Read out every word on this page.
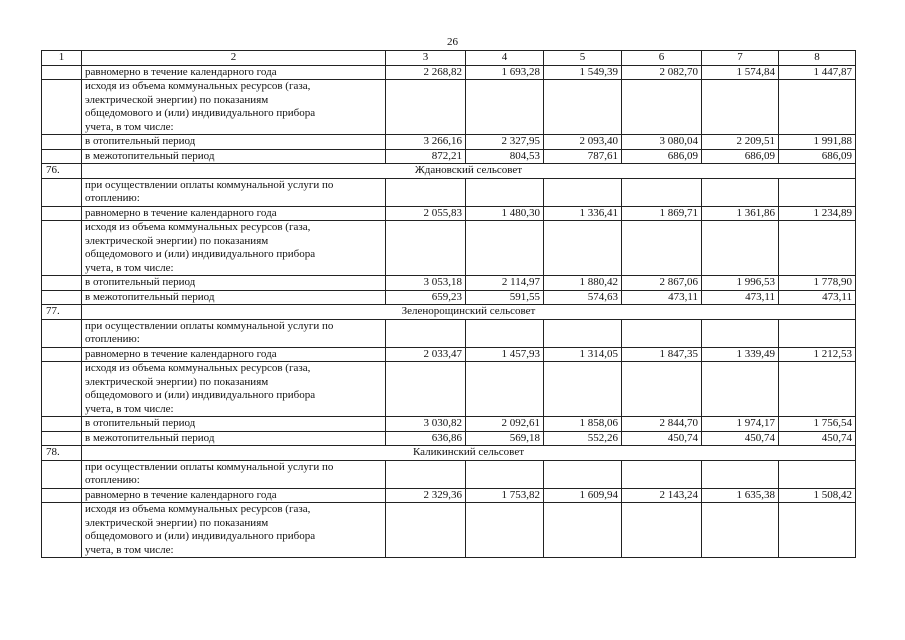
26
1	2	3	4	5	6	7	8
	равномерно в течение календарного года	2 268,82	1 693,28	1 549,39	2 082,70	1 574,84	1 447,87

	исходя из объема коммунальных ресурсов (газа,
электрической энергии) по показаниям
общедомового и (или) индивидуального прибора
учета, в том числе:						

	в отопительный период	3 266,16	2 327,95	2 093,40	3 080,04	2 209,51	1 991,88
	в межотопительный период	872,21	804,53	787,61	686,09	686,09	686,09
76.	Ждановский сельсовет						

	при осуществлении оплаты коммунальной услуги по
отоплению:						

	равномерно в течение календарного года	2 055,83	1 480,30	1 336,41	1 869,71	1 361,86	1 234,89

	исходя из объема коммунальных ресурсов (газа,
электрической энергии) по показаниям
общедомового и (или) индивидуального прибора
учета, в том числе:						

	в отопительный период	3 053,18	2 114,97	1 880,42	2 867,06	1 996,53	1 778,90
	в межотопительный период	659,23	591,55	574,63	473,11	473,11	473,11
77.	Зеленорощинский сельсовет						

	при осуществлении оплаты коммунальной услуги по
отоплению:						

	равномерно в течение календарного года	2 033,47	1 457,93	1 314,05	1 847,35	1 339,49	1 212,53

	исходя из объема коммунальных ресурсов (газа,
электрической энергии) по показаниям
общедомового и (или) индивидуального прибора
учета, в том числе:						

	в отопительный период	3 030,82	2 092,61	1 858,06	2 844,70	1 974,17	1 756,54
	в межотопительный период	636,86	569,18	552,26	450,74	450,74	450,74
78.	Каликинский сельсовет						

	при осуществлении оплаты коммунальной услуги по
отоплению:						

	равномерно в течение календарного года	2 329,36	1 753,82	1 609,94	2 143,24	1 635,38	1 508,42

	исходя из объема коммунальных ресурсов (газа,
электрической энергии) по показаниям
общедомового и (или) индивидуального прибора
учета, в том числе:						
